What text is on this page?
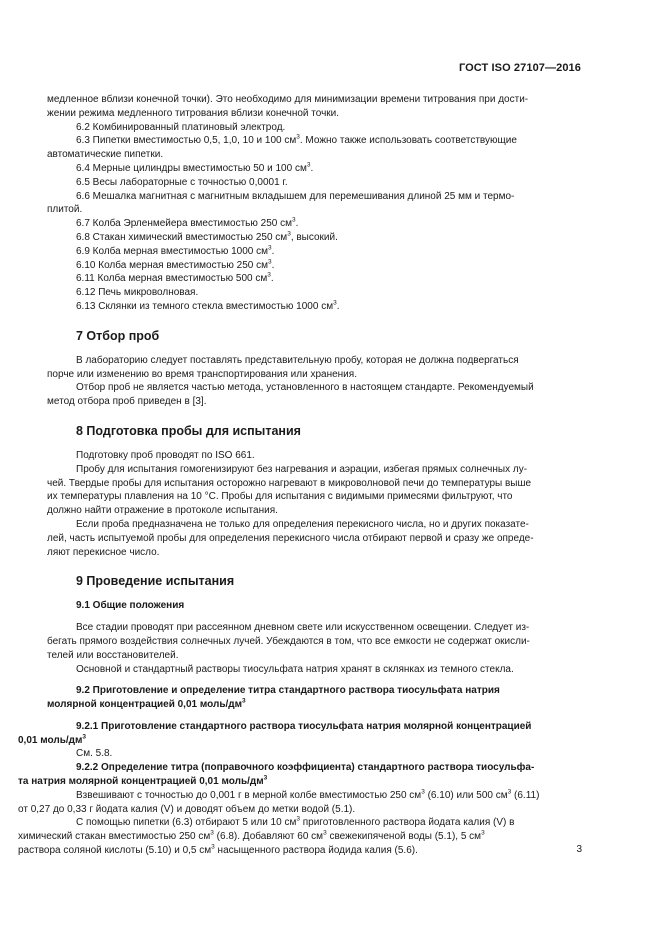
ГОСТ ISO 27107—2016

медленное вблизи конечной точки). Это необходимо для минимизации времени титрования при дости-
жении режима медленного титрования вблизи конечной точки.

6.2 Комбинированный платиновый электрод.

6.3 Пипетки вместимостью 0,5, 1,0, 10 и 100 $см^3$. Можно также использовать соответствующие

автоматические пипетки.

6.4 Мерные цилиндры вместимостью 50 и 100 $см^3$.

6.5 Весы лабораторные с точностью 0,0001 г.

6.6 Мешалка магнитная с магнитным вкладышем для перемешивания длиной 25 мм и термо-

плитой.

6.7 Колба Эрленмейера вместимостью 250 $см^3$.

6.8 Стакан химический вместимостью 250 $см^3$, высокий.

6.9 Колба мерная вместимостью 1000 $см^3$.

6.10 Колба мерная вместимостью 250 $см^3$.

6.11 Колба мерная вместимостью 500 $см^3$.

6.12 Печь микроволновая.

6.13 Склянки из темного стекла вместимостью 1000 $см^3$.

7 Отбор проб

В лабораторию следует поставлять представительную пробу, которая не должна подвергаться
порче или изменению во время транспортирования или хранения.

Отбор проб не является частью метода, установленного в настоящем стандарте. Рекомендуемый
метод отбора проб приведен в [3].

8 Подготовка пробы для испытания

Подготовку проб проводят по ISO 661.

Пробу для испытания гомогенизируют без нагревания и аэрации, избегая прямых солнечных лу-
чей. Твердые пробы для испытания осторожно нагревают в микроволновой печи до температуры выше
их температуры плавления на 10 °С. Пробы для испытания с видимыми примесями фильтруют, что
должно найти отражение в протоколе испытания.

Если проба предназначена не только для определения перекисного числа, но и других показате-
лей, часть испытуемой пробы для определения перекисного числа отбирают первой и сразу же опреде-
ляют перекисное число.

9 Проведение испытания
9.1 Общие положения

Все стадии проводят при рассеянном дневном свете или искусственном освещении. Следует из-
бегать прямого воздействия солнечных лучей. Убеждаются в том, что все емкости не содержат окисли-
телей или восстановителей.

Основной и стандартный растворы тиосульфата натрия хранят в склянках из темного стекла.

9.2 Приготовление и определение титра стандартного раствора тиосульфата натрия
молярной концентрацией 0,01 моль/$дм^3$

9.2.1 Приготовление стандартного раствора тиосульфата натрия молярной концентрацией
0,01 моль/$дм^3$

См. 5.8.

9.2.2 Определение титра (поправочного коэффициента) стандартного раствора тиосульфа-
та натрия молярной концентрацией 0,01 моль/$дм^3$

Взвешивают с точностью до 0,001 г в мерной колбе вместимостью 250 $см^3$ (6.10) или 500 $см^3$ (6.11)
от 0,27 до 0,33 г йодата калия (V) и доводят объем до метки водой (5.1).

С помощью пипетки (6.3) отбирают 5 или 10 $см^3$ приготовленного раствора йодата калия (V) в
химический стакан вместимостью 250 $см^3$ (6.8). Добавляют 60 $см^3$ свежекипяченой воды (5.1), 5 $см^3$
раствора соляной кислоты (5.10) и 0,5 $см^3$ насыщенного раствора йодида калия (5.6).	3
